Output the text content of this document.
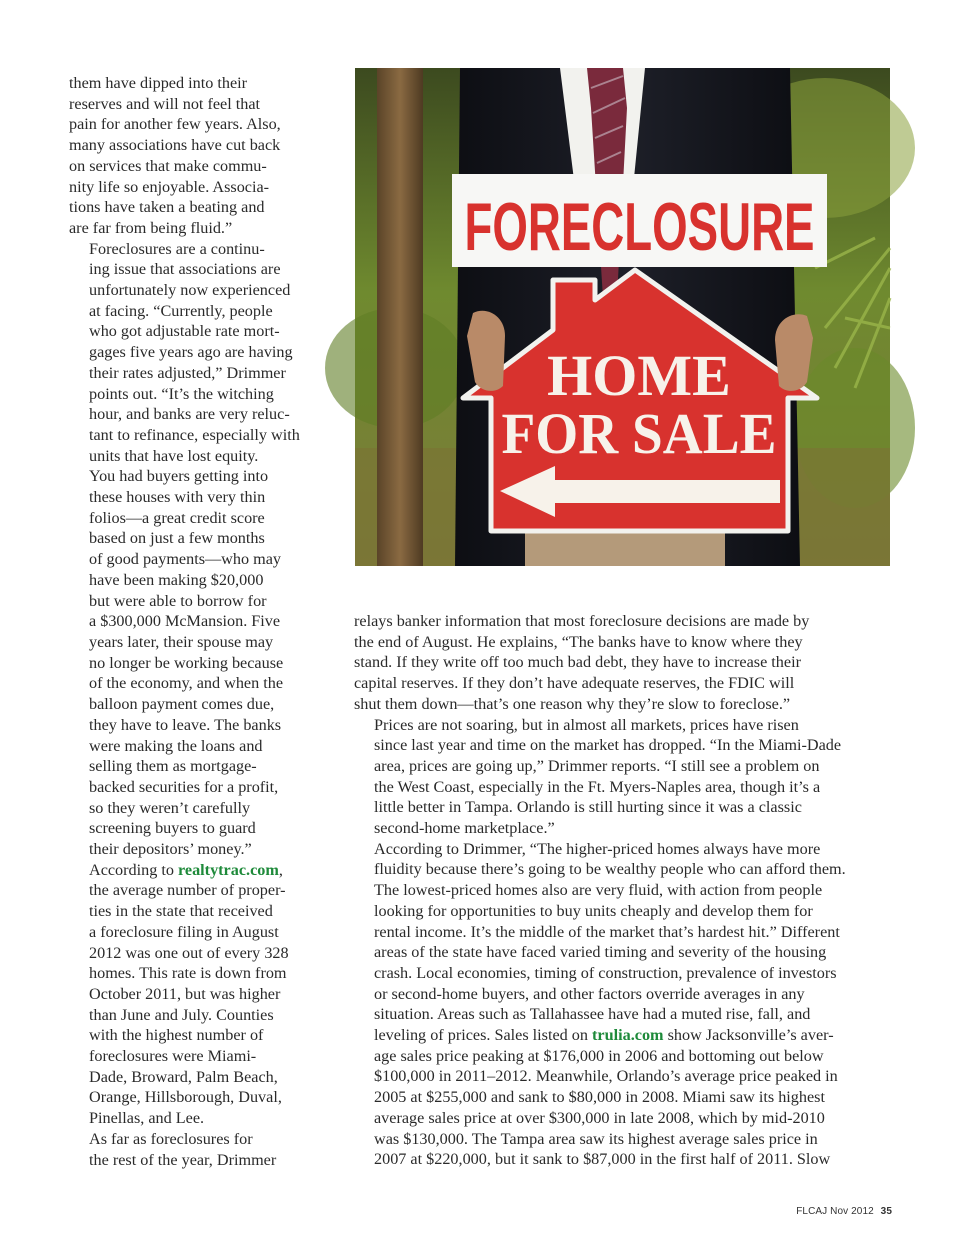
them have dipped into their
reserves and will not feel that
pain for another few years. Also,
many associations have cut back
on services that make commu-
nity life so enjoyable. Associa-
tions have taken a beating and
are far from being fluid.”

Foreclosures are a continu-
ing issue that associations are
unfortunately now experienced
at facing. “Currently, people
who got adjustable rate mort-
gages five years ago are having
their rates adjusted,” Drimmer
points out. “It’s the witching
hour, and banks are very reluc-
tant to refinance, especially with
units that have lost equity.
You had buyers getting into
these houses with very thin
folios—a great credit score
based on just a few months
of good payments—who may
have been making $20,000
but were able to borrow for
a $300,000 McMansion. Five
years later, their spouse may
no longer be working because
of the economy, and when the
balloon payment comes due,
they have to leave. The banks
were making the loans and
selling them as mortgage-
backed securities for a profit,
so they weren’t carefully
screening buyers to guard
their depositors’ money.”

According to realtytrac.com,
the average number of proper-
ties in the state that received
a foreclosure filing in August
2012 was one out of every 328
homes. This rate is down from
October 2011, but was higher
than June and July. Counties
with the highest number of
foreclosures were Miami-
Dade, Broward, Palm Beach,
Orange, Hillsborough, Duval,
Pinellas, and Lee.

As far as foreclosures for
the rest of the year, Drimmer

FORECLOSURE
HOME
FOR SALE

relays banker information that most foreclosure decisions are made by
the end of August. He explains, “The banks have to know where they
stand. If they write off too much bad debt, they have to increase their
capital reserves. If they don’t have adequate reserves, the FDIC will
shut them down—that’s one reason why they’re slow to foreclose.”

Prices are not soaring, but in almost all markets, prices have risen
since last year and time on the market has dropped. “In the Miami-Dade
area, prices are going up,” Drimmer reports. “I still see a problem on
the West Coast, especially in the Ft. Myers-Naples area, though it’s a
little better in Tampa. Orlando is still hurting since it was a classic
second-home marketplace.”

According to Drimmer, “The higher-priced homes always have more
fluidity because there’s going to be wealthy people who can afford them.
The lowest-priced homes also are very fluid, with action from people
looking for opportunities to buy units cheaply and develop them for
rental income. It’s the middle of the market that’s hardest hit.” Different
areas of the state have faced varied timing and severity of the housing
crash. Local economies, timing of construction, prevalence of investors
or second-home buyers, and other factors override averages in any
situation. Areas such as Tallahassee have had a muted rise, fall, and
leveling of prices. Sales listed on trulia.com show Jacksonville’s aver-
age sales price peaking at $176,000 in 2006 and bottoming out below
$100,000 in 2011–2012. Meanwhile, Orlando’s average price peaked in
2005 at $255,000 and sank to $80,000 in 2008. Miami saw its highest
average sales price at over $300,000 in late 2008, which by mid-2010
was $130,000. The Tampa area saw its highest average sales price in
2007 at $220,000, but it sank to $87,000 in the first half of 2011. Slow

FLCAJ Nov 2012 35
